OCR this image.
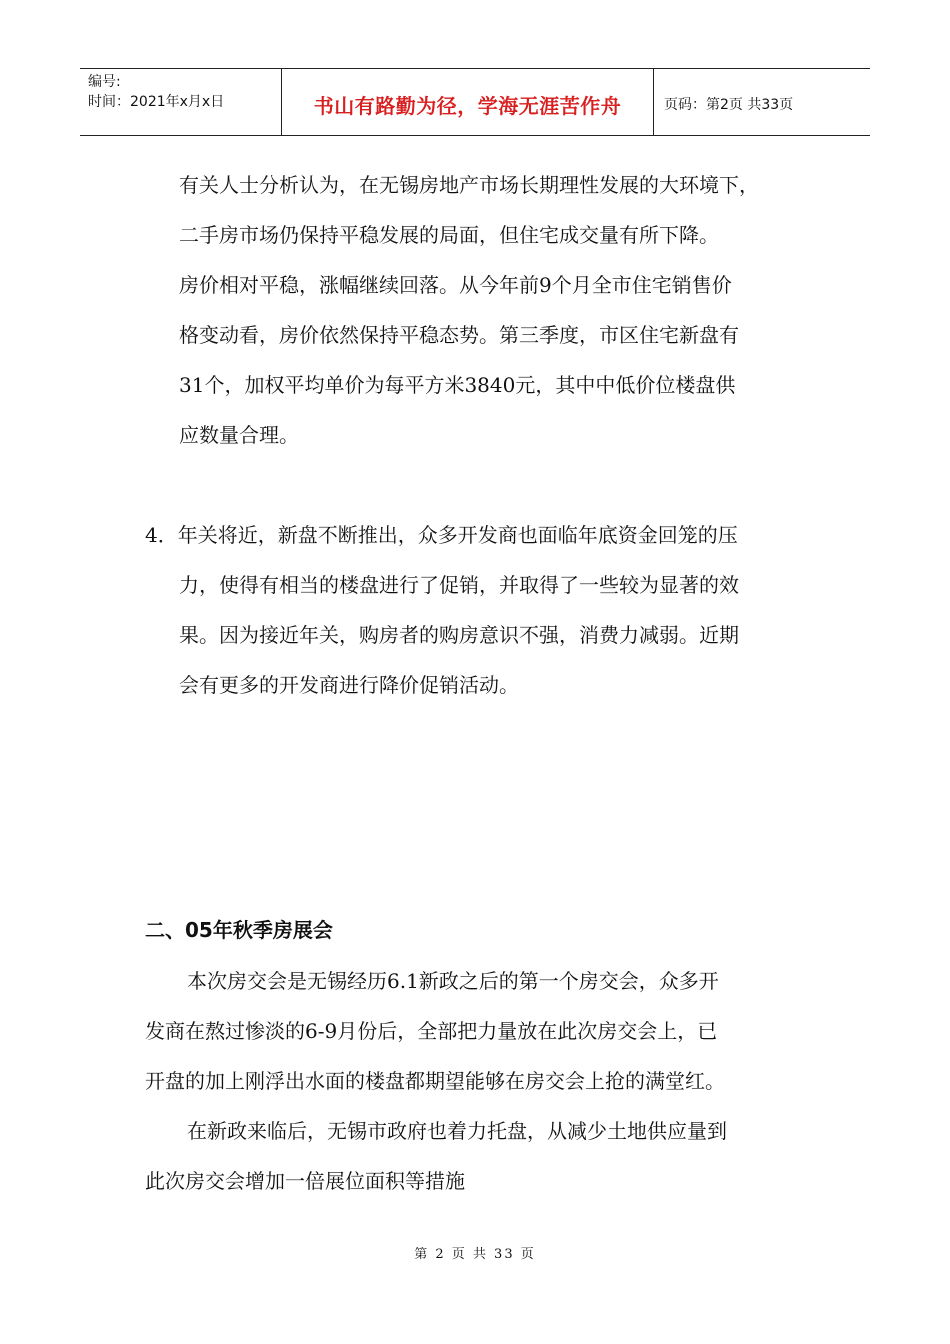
编号:
时间：2021年x月x日	书山有路勤为径，学海无涯苦作舟	页码：第2页 共33页
有关人士分析认为，在无锡房地产市场长期理性发展的大环境下，
二手房市场仍保持平稳发展的局面，但住宅成交量有所下降。
房价相对平稳，涨幅继续回落。从今年前9个月全市住宅销售价
格变动看，房价依然保持平稳态势。第三季度，市区住宅新盘有
31个，加权平均单价为每平方米3840元，其中中低价位楼盘供
应数量合理。
4．年关将近，新盘不断推出，众多开发商也面临年底资金回笼的压
力，使得有相当的楼盘进行了促销，并取得了一些较为显著的效
果。因为接近年关，购房者的购房意识不强，消费力减弱。近期
会有更多的开发商进行降价促销活动。
二、05年秋季房展会
本次房交会是无锡经历6.1新政之后的第一个房交会，众多开
发商在熬过惨淡的6-9月份后，全部把力量放在此次房交会上，已
开盘的加上刚浮出水面的楼盘都期望能够在房交会上抢的满堂红。
在新政来临后，无锡市政府也着力托盘，从减少土地供应量到
此次房交会增加一倍展位面积等措施
第 2 页 共 33 页
